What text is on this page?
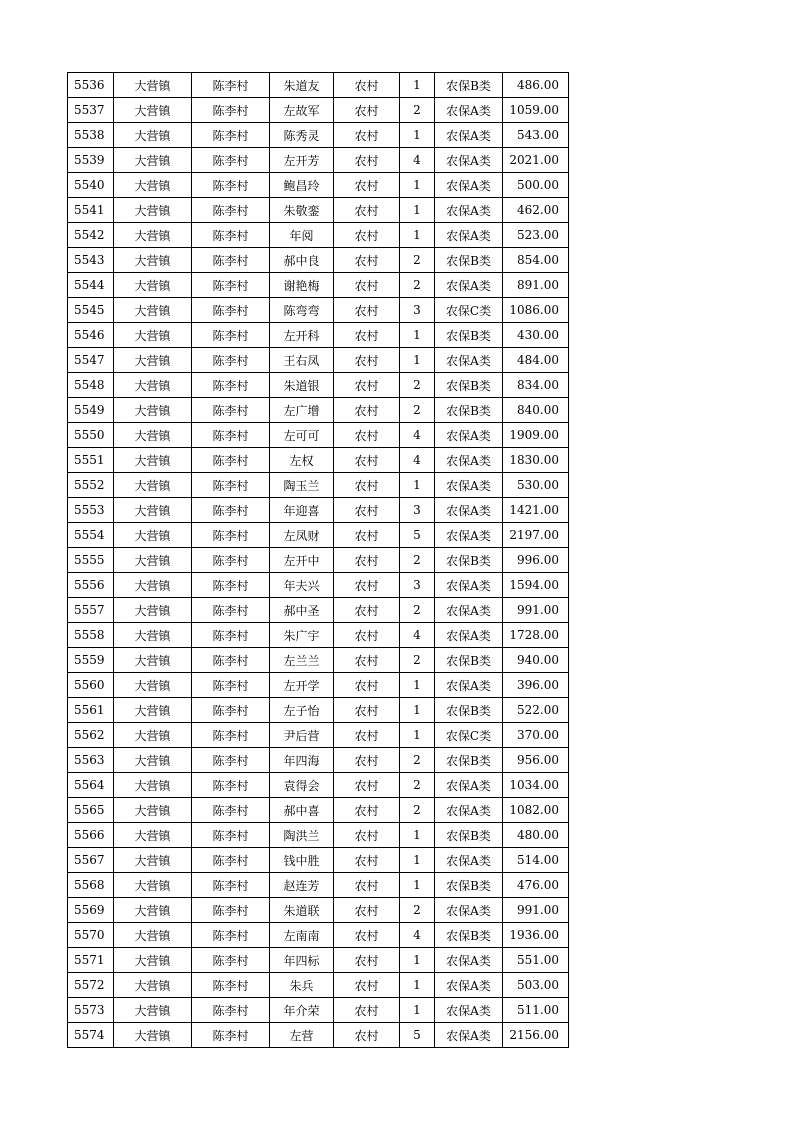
5536	大营镇	陈李村	朱道友	农村	1	农保B类	486.00
5537	大营镇	陈李村	左故军	农村	2	农保A类	1059.00
5538	大营镇	陈李村	陈秀灵	农村	1	农保A类	543.00
5539	大营镇	陈李村	左开芳	农村	4	农保A类	2021.00
5540	大营镇	陈李村	鲍昌玲	农村	1	农保A类	500.00
5541	大营镇	陈李村	朱敬銮	农村	1	农保A类	462.00
5542	大营镇	陈李村	年阅	农村	1	农保A类	523.00
5543	大营镇	陈李村	郝中良	农村	2	农保B类	854.00
5544	大营镇	陈李村	谢艳梅	农村	2	农保A类	891.00
5545	大营镇	陈李村	陈弯弯	农村	3	农保C类	1086.00
5546	大营镇	陈李村	左开科	农村	1	农保B类	430.00
5547	大营镇	陈李村	王右凤	农村	1	农保A类	484.00
5548	大营镇	陈李村	朱道银	农村	2	农保B类	834.00
5549	大营镇	陈李村	左广增	农村	2	农保B类	840.00
5550	大营镇	陈李村	左可可	农村	4	农保A类	1909.00
5551	大营镇	陈李村	左权	农村	4	农保A类	1830.00
5552	大营镇	陈李村	陶玉兰	农村	1	农保A类	530.00
5553	大营镇	陈李村	年迎喜	农村	3	农保A类	1421.00
5554	大营镇	陈李村	左凤财	农村	5	农保A类	2197.00
5555	大营镇	陈李村	左开中	农村	2	农保B类	996.00
5556	大营镇	陈李村	年夫兴	农村	3	农保A类	1594.00
5557	大营镇	陈李村	郝中圣	农村	2	农保A类	991.00
5558	大营镇	陈李村	朱广宇	农村	4	农保A类	1728.00
5559	大营镇	陈李村	左兰兰	农村	2	农保B类	940.00
5560	大营镇	陈李村	左开学	农村	1	农保A类	396.00
5561	大营镇	陈李村	左子怡	农村	1	农保B类	522.00
5562	大营镇	陈李村	尹后营	农村	1	农保C类	370.00
5563	大营镇	陈李村	年四海	农村	2	农保B类	956.00
5564	大营镇	陈李村	袁得会	农村	2	农保A类	1034.00
5565	大营镇	陈李村	郝中喜	农村	2	农保A类	1082.00
5566	大营镇	陈李村	陶洪兰	农村	1	农保B类	480.00
5567	大营镇	陈李村	钱中胜	农村	1	农保A类	514.00
5568	大营镇	陈李村	赵连芳	农村	1	农保B类	476.00
5569	大营镇	陈李村	朱道联	农村	2	农保A类	991.00
5570	大营镇	陈李村	左南南	农村	4	农保B类	1936.00
5571	大营镇	陈李村	年四标	农村	1	农保A类	551.00
5572	大营镇	陈李村	朱兵	农村	1	农保A类	503.00
5573	大营镇	陈李村	年介荣	农村	1	农保A类	511.00
5574	大营镇	陈李村	左营	农村	5	农保A类	2156.00
